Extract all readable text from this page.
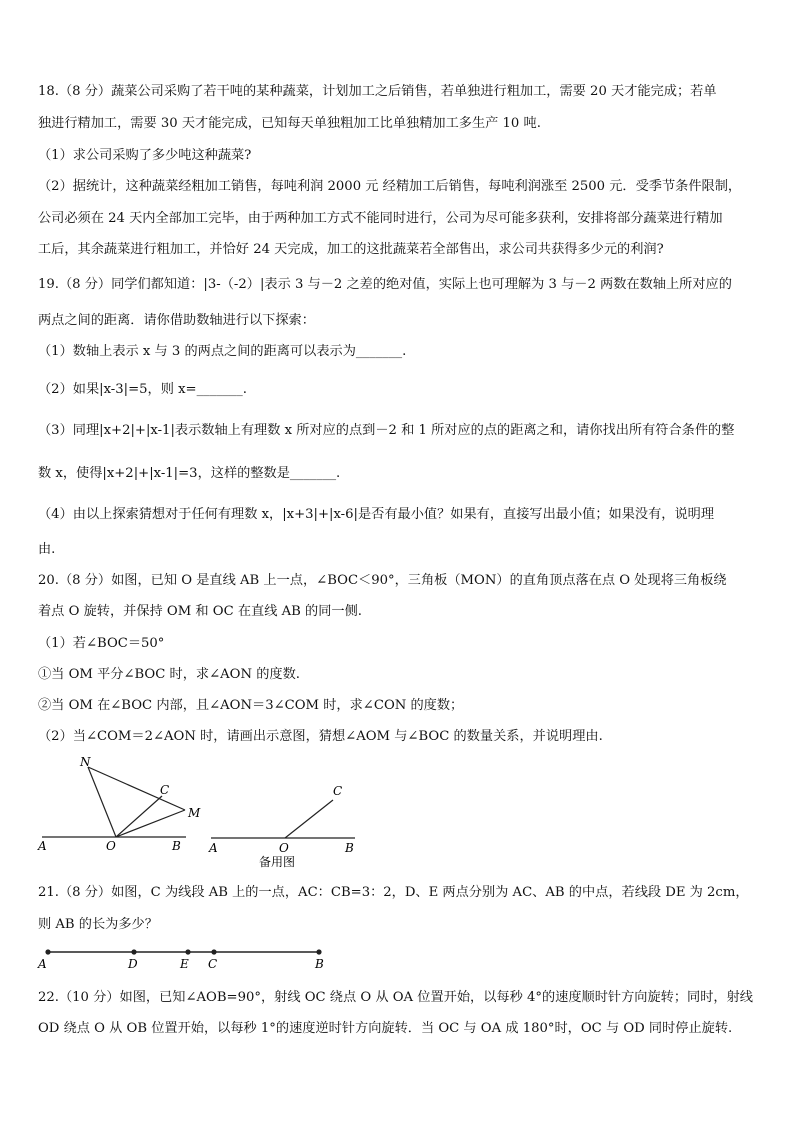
18.（8 分）蔬菜公司采购了若干吨的某种蔬菜，计划加工之后销售，若单独进行粗加工，需要 20 天才能完成；若单
独进行精加工，需要 30 天才能完成，已知每天单独粗加工比单独精加工多生产 10 吨.
（1）求公司采购了多少吨这种蔬菜?
（2）据统计，这种蔬菜经粗加工销售，每吨利润 2000 元 经精加工后销售，每吨利润涨至 2500 元．受季节条件限制，
公司必须在 24 天内全部加工完毕，由于两种加工方式不能同时进行，公司为尽可能多获利，安排将部分蔬菜进行精加
工后，其余蔬菜进行粗加工，并恰好 24 天完成，加工的这批蔬菜若全部售出，求公司共获得多少元的利润?
19.（8 分）同学们都知道：|3-（-2）|表示 3 与－2 之差的绝对值，实际上也可理解为 3 与－2 两数在数轴上所对应的
两点之间的距离．请你借助数轴进行以下探索：
（1）数轴上表示 x 与 3 的两点之间的距离可以表示为_______.
（2）如果|x-3|=5，则 x=_______.
（3）同理|x+2|+|x-1|表示数轴上有理数 x 所对应的点到－2 和 1 所对应的点的距离之和，请你找出所有符合条件的整
数 x，使得|x+2|+|x-1|=3，这样的整数是_______.
（4）由以上探索猜想对于任何有理数 x，|x+3|+|x-6|是否有最小值？如果有，直接写出最小值；如果没有，说明理
由.
20.（8 分）如图，已知 O 是直线 AB 上一点，∠BOC＜90°，三角板（MON）的直角顶点落在点 O 处现将三角板绕
着点 O 旋转，并保持 OM 和 OC 在直线 AB 的同一侧.
（1）若∠BOC＝50°
①当 OM 平分∠BOC 时，求∠AON 的度数.
②当 OM 在∠BOC 内部，且∠AON＝3∠COM 时，求∠CON 的度数；
（2）当∠COM＝2∠AON 时，请画出示意图，猜想∠AOM 与∠BOC 的数量关系，并说明理由.
N
C
M
A	O	B
C
A	O	B
备用图
21.（8 分）如图，C 为线段 AB 上的一点，AC：CB=3：2，D、E 两点分别为 AC、AB 的中点，若线段 DE 为 2cm，
则 AB 的长为多少？
A	D	E C	B
22.（10 分）如图，已知∠AOB=90°，射线 OC 绕点 O 从 OA 位置开始，以每秒 4°的速度顺时针方向旋转；同时，射线
OD 绕点 O 从 OB 位置开始，以每秒 1°的速度逆时针方向旋转．当 OC 与 OA 成 180°时，OC 与 OD 同时停止旋转.
